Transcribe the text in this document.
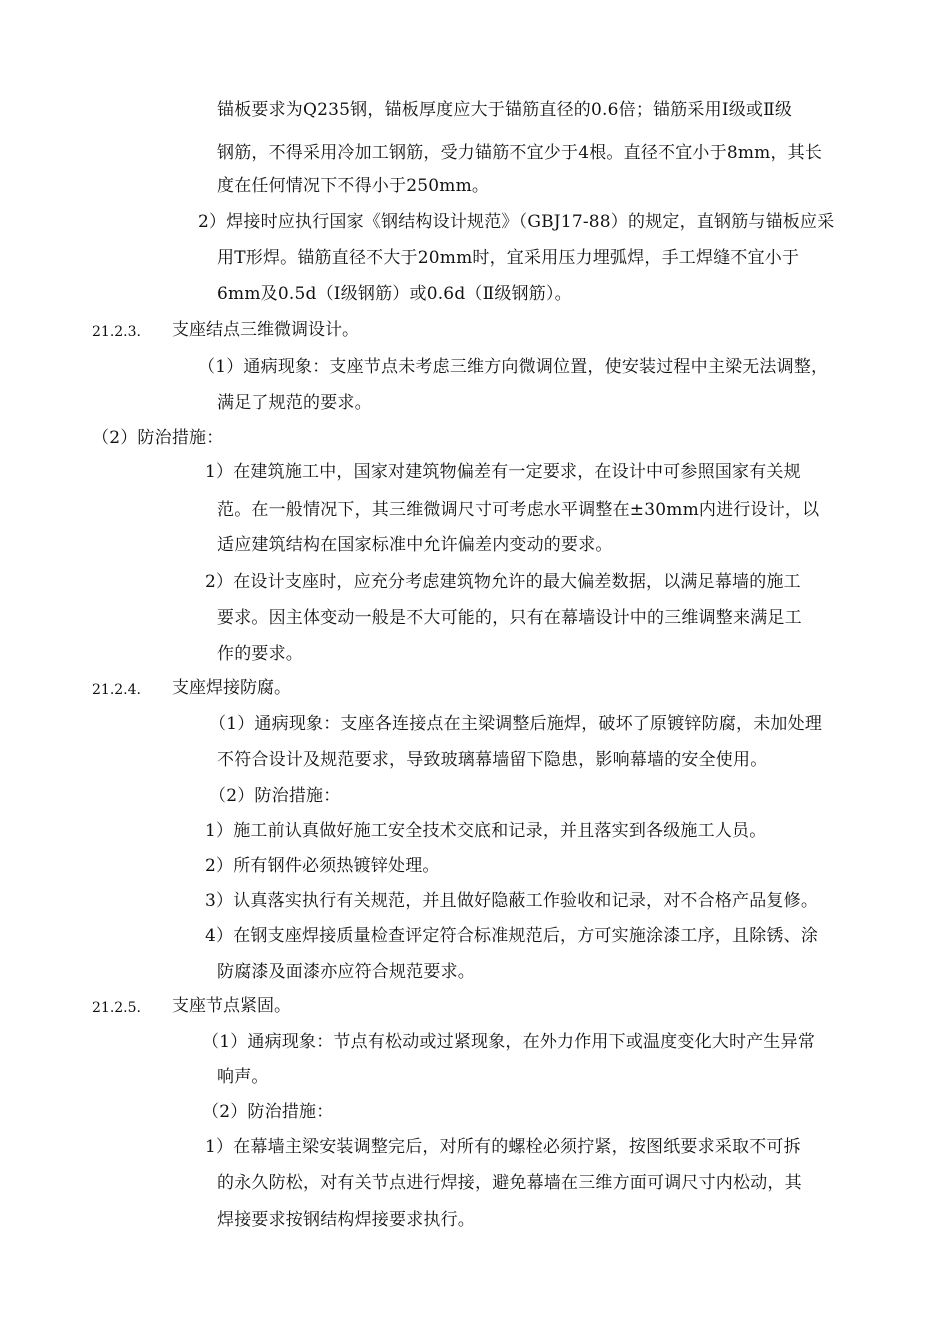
锚板要求为Q235钢，锚板厚度应大于锚筋直径的0.6倍；锚筋采用Ⅰ级或Ⅱ级
钢筋，不得采用冷加工钢筋，受力锚筋不宜少于4根。直径不宜小于8mm，其长
度在任何情况下不得小于250mm。
2）焊接时应执行国家《钢结构设计规范》（GBJ17-88）的规定，直钢筋与锚板应采
用T形焊。锚筋直径不大于20mm时，宜采用压力埋弧焊，手工焊缝不宜小于
6mm及0.5d（Ⅰ级钢筋）或0.6d（Ⅱ级钢筋）。
21.2.3. 支座结点三维微调设计。
（1）通病现象：支座节点未考虑三维方向微调位置，使安装过程中主梁无法调整，
满足了规范的要求。
（2）防治措施：
1）在建筑施工中，国家对建筑物偏差有一定要求，在设计中可参照国家有关规
范。在一般情况下，其三维微调尺寸可考虑水平调整在±30mm内进行设计，以
适应建筑结构在国家标准中允许偏差内变动的要求。
2）在设计支座时，应充分考虑建筑物允许的最大偏差数据，以满足幕墙的施工
要求。因主体变动一般是不大可能的，只有在幕墙设计中的三维调整来满足工
作的要求。
21.2.4. 支座焊接防腐。
（1）通病现象：支座各连接点在主梁调整后施焊，破坏了原镀锌防腐，未加处理
不符合设计及规范要求，导致玻璃幕墙留下隐患，影响幕墙的安全使用。
（2）防治措施：
1）施工前认真做好施工安全技术交底和记录，并且落实到各级施工人员。
2）所有钢件必须热镀锌处理。
3）认真落实执行有关规范，并且做好隐蔽工作验收和记录，对不合格产品复修。
4）在钢支座焊接质量检查评定符合标准规范后，方可实施涂漆工序，且除锈、涂
防腐漆及面漆亦应符合规范要求。
21.2.5. 支座节点紧固。
（1）通病现象：节点有松动或过紧现象，在外力作用下或温度变化大时产生异常
响声。
（2）防治措施：
1）在幕墙主梁安装调整完后，对所有的螺栓必须拧紧，按图纸要求采取不可拆
的永久防松，对有关节点进行焊接，避免幕墙在三维方面可调尺寸内松动，其
焊接要求按钢结构焊接要求执行。
